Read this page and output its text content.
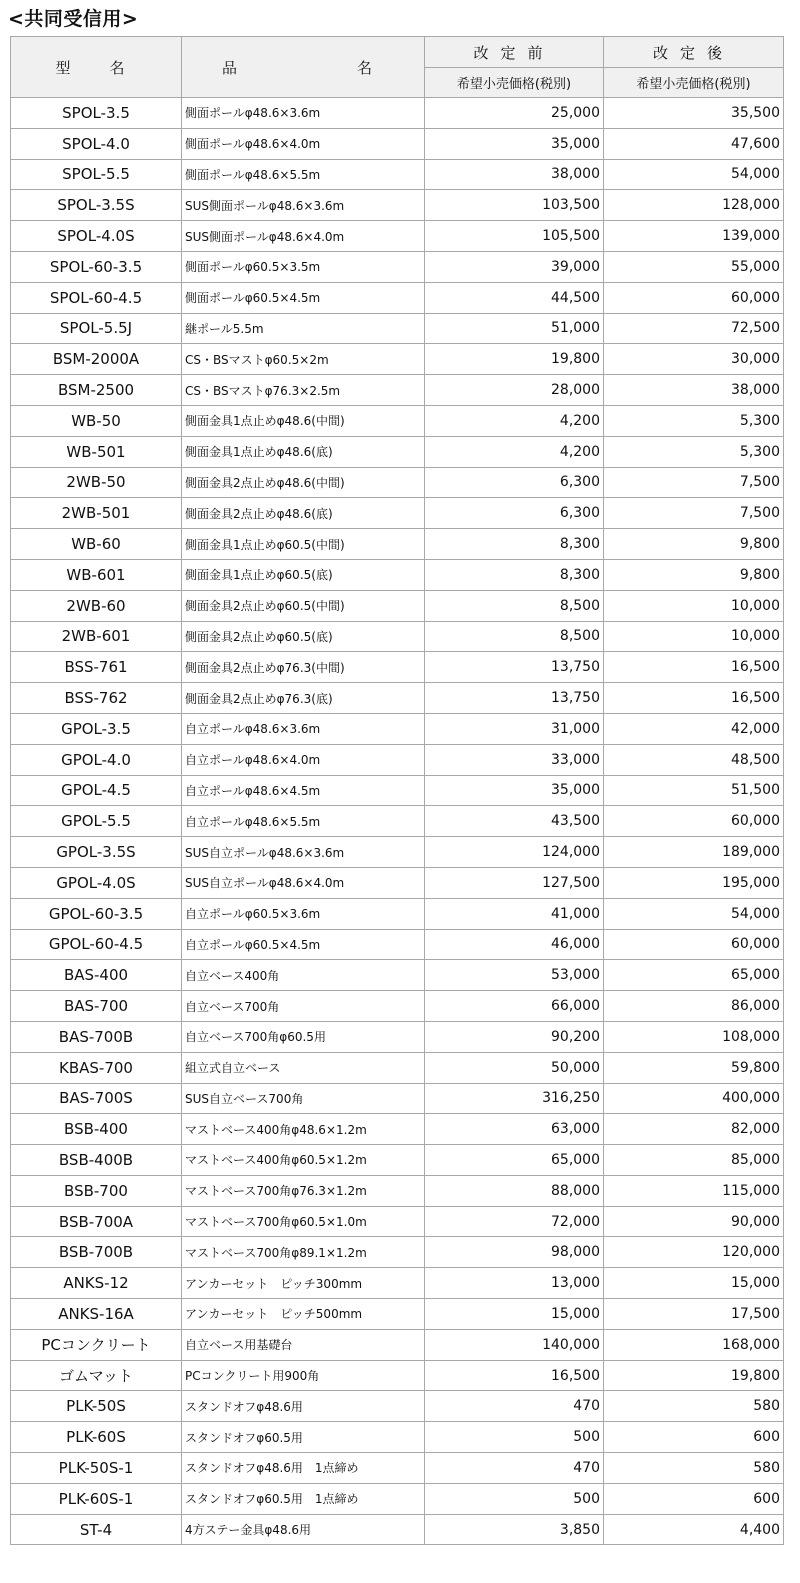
<共同受信用>
型　名	品　　　　名	改定前	改定後
		希望小売価格(税別)	希望小売価格(税別)
SPOL-3.5	側面ポールφ48.6×3.6m	25,000	35,500
SPOL-4.0	側面ポールφ48.6×4.0m	35,000	47,600
SPOL-5.5	側面ポールφ48.6×5.5m	38,000	54,000
SPOL-3.5S	SUS側面ポールφ48.6×3.6m	103,500	128,000
SPOL-4.0S	SUS側面ポールφ48.6×4.0m	105,500	139,000
SPOL-60-3.5	側面ポールφ60.5×3.5m	39,000	55,000
SPOL-60-4.5	側面ポールφ60.5×4.5m	44,500	60,000
SPOL-5.5J	継ポール5.5m	51,000	72,500
BSM-2000A	CS・BSマストφ60.5×2m	19,800	30,000
BSM-2500	CS・BSマストφ76.3×2.5m	28,000	38,000
WB-50	側面金具1点止めφ48.6(中間)	4,200	5,300
WB-501	側面金具1点止めφ48.6(底)	4,200	5,300
2WB-50	側面金具2点止めφ48.6(中間)	6,300	7,500
2WB-501	側面金具2点止めφ48.6(底)	6,300	7,500
WB-60	側面金具1点止めφ60.5(中間)	8,300	9,800
WB-601	側面金具1点止めφ60.5(底)	8,300	9,800
2WB-60	側面金具2点止めφ60.5(中間)	8,500	10,000
2WB-601	側面金具2点止めφ60.5(底)	8,500	10,000
BSS-761	側面金具2点止めφ76.3(中間)	13,750	16,500
BSS-762	側面金具2点止めφ76.3(底)	13,750	16,500
GPOL-3.5	自立ポールφ48.6×3.6m	31,000	42,000
GPOL-4.0	自立ポールφ48.6×4.0m	33,000	48,500
GPOL-4.5	自立ポールφ48.6×4.5m	35,000	51,500
GPOL-5.5	自立ポールφ48.6×5.5m	43,500	60,000
GPOL-3.5S	SUS自立ポールφ48.6×3.6m	124,000	189,000
GPOL-4.0S	SUS自立ポールφ48.6×4.0m	127,500	195,000
GPOL-60-3.5	自立ポールφ60.5×3.6m	41,000	54,000
GPOL-60-4.5	自立ポールφ60.5×4.5m	46,000	60,000
BAS-400	自立ベース400角	53,000	65,000
BAS-700	自立ベース700角	66,000	86,000
BAS-700B	自立ベース700角φ60.5用	90,200	108,000
KBAS-700	組立式自立ベース	50,000	59,800
BAS-700S	SUS自立ベース700角	316,250	400,000
BSB-400	マストベース400角φ48.6×1.2m	63,000	82,000
BSB-400B	マストベース400角φ60.5×1.2m	65,000	85,000
BSB-700	マストベース700角φ76.3×1.2m	88,000	115,000
BSB-700A	マストベース700角φ60.5×1.0m	72,000	90,000
BSB-700B	マストベース700角φ89.1×1.2m	98,000	120,000
ANKS-12	アンカーセット　ピッチ300mm	13,000	15,000
ANKS-16A	アンカーセット　ピッチ500mm	15,000	17,500
PCコンクリート	自立ベース用基礎台	140,000	168,000
ゴムマット	PCコンクリート用900角	16,500	19,800
PLK-50S	スタンドオフφ48.6用	470	580
PLK-60S	スタンドオフφ60.5用	500	600
PLK-50S-1	スタンドオフφ48.6用　1点締め	470	580
PLK-60S-1	スタンドオフφ60.5用　1点締め	500	600
ST-4	4方ステー金具φ48.6用	3,850	4,400
